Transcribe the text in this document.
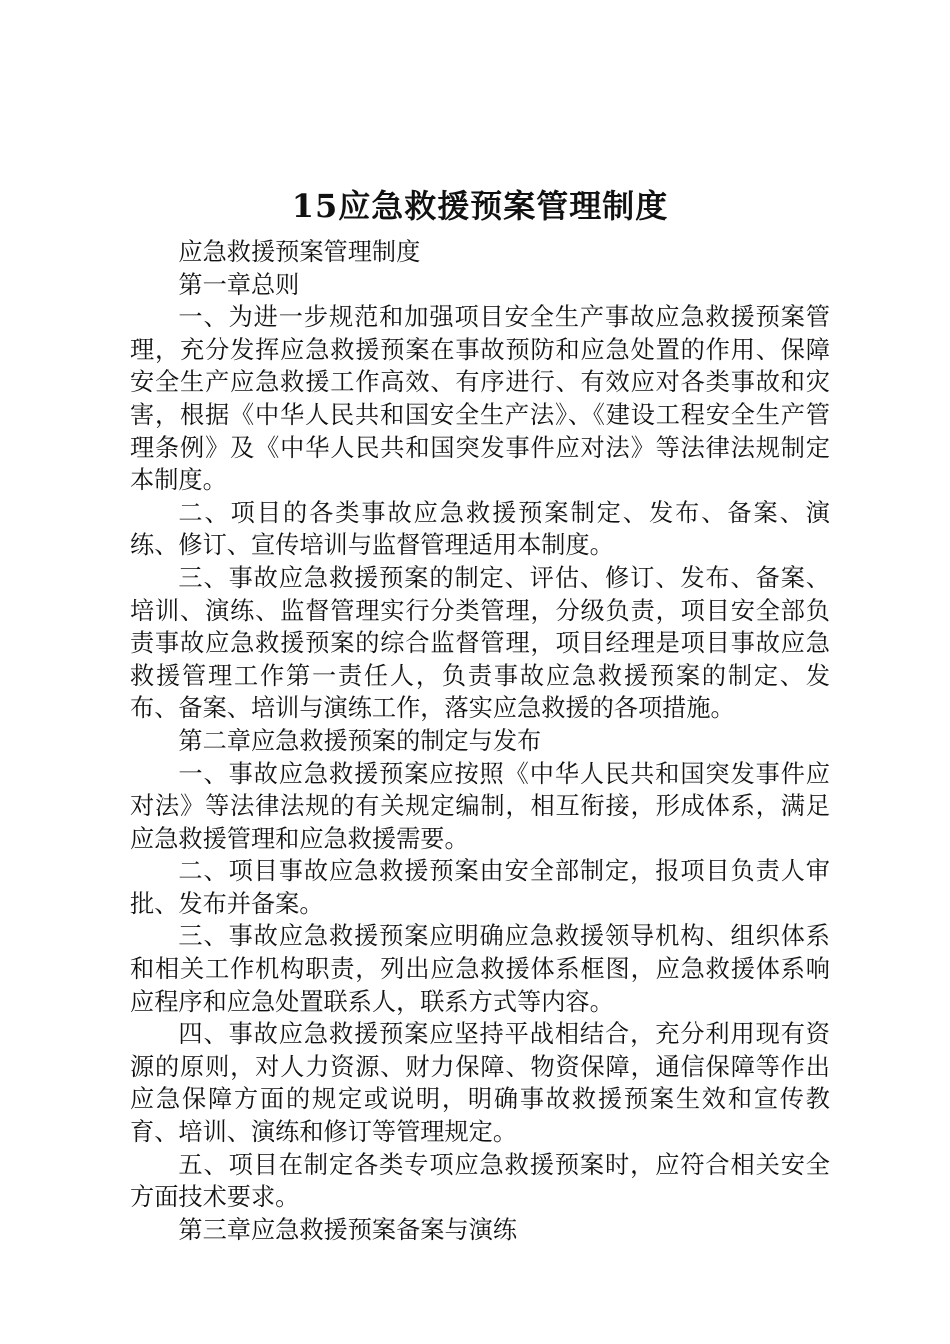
15应急救援预案管理制度

应急救援预案管理制度

第一章总则

一、为进一步规范和加强项目安全生产事故应急救援预案管理，充分发挥应急救援预案在事故预防和应急处置的作用、保障安全生产应急救援工作高效、有序进行、有效应对各类事故和灾害，根据《中华人民共和国安全生产法》、《建设工程安全生产管理条例》及《中华人民共和国突发事件应对法》等法律法规制定本制度。

二、项目的各类事故应急救援预案制定、发布、备案、演练、修订、宣传培训与监督管理适用本制度。

三、事故应急救援预案的制定、评估、修订、发布、备案、培训、演练、监督管理实行分类管理，分级负责，项目安全部负责事故应急救援预案的综合监督管理，项目经理是项目事故应急救援管理工作第一责任人，负责事故应急救援预案的制定、发布、备案、培训与演练工作，落实应急救援的各项措施。

第二章应急救援预案的制定与发布

一、事故应急救援预案应按照《中华人民共和国突发事件应对法》等法律法规的有关规定编制，相互衔接，形成体系，满足应急救援管理和应急救援需要。

二、项目事故应急救援预案由安全部制定，报项目负责人审批、发布并备案。

三、事故应急救援预案应明确应急救援领导机构、组织体系和相关工作机构职责，列出应急救援体系框图，应急救援体系响应程序和应急处置联系人，联系方式等内容。

四、事故应急救援预案应坚持平战相结合，充分利用现有资源的原则，对人力资源、财力保障、物资保障，通信保障等作出应急保障方面的规定或说明，明确事故救援预案生效和宣传教育、培训、演练和修订等管理规定。

五、项目在制定各类专项应急救援预案时，应符合相关安全方面技术要求。

第三章应急救援预案备案与演练
